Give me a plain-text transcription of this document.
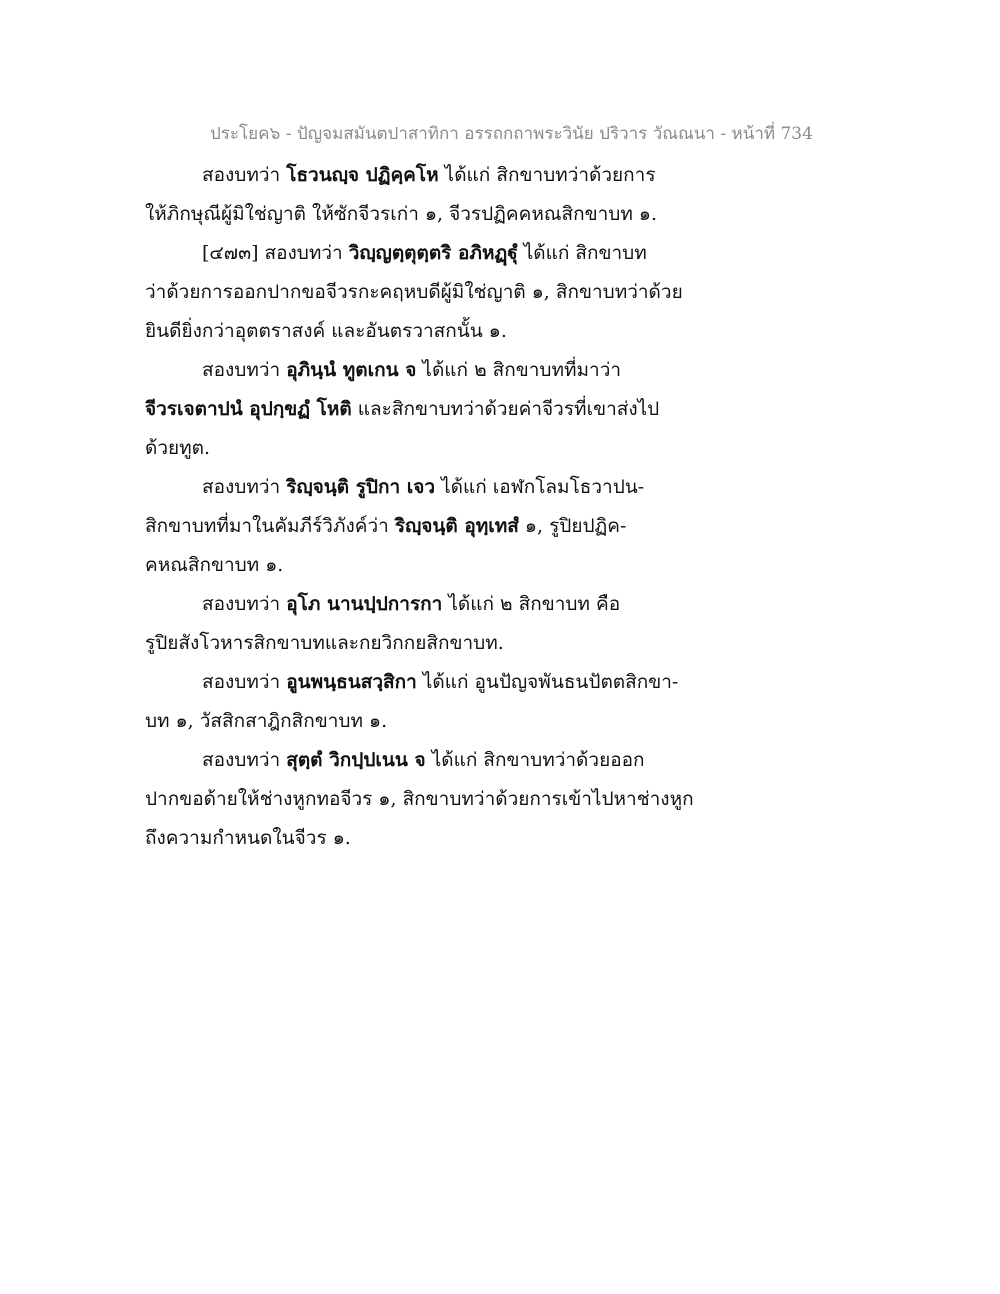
ประโยค๖ - ปัญจมสมันตปาสาทิกา อรรถกถาพระวินัย ปริวาร วัณณนา - หน้าที่ 734
สองบทว่า โธวนญฺจ ปฏิคฺคโห ได้แก่ สิกขาบทว่าด้วยการ
ให้ภิกษุณีผู้มิใช่ญาติ ให้ซักจีวรเก่า ๑, จีวรปฏิคคหณสิกขาบท ๑.
[๔๗๓] สองบทว่า วิญฺญตฺตุตฺตริ อภิหฏฺฐุํ ได้แก่ สิกขาบท
ว่าด้วยการออกปากขอจีวรกะคฤหบดีผู้มิใช่ญาติ ๑, สิกขาบทว่าด้วย
ยินดียิ่งกว่าอุตตราสงค์ และอันตรวาสกนั้น ๑.
สองบทว่า อุภินฺนํ ทูตเกน จ ได้แก่ ๒ สิกขาบทที่มาว่า
จีวรเจตาปนํ อุปกฺขฏํ โหติ และสิกขาบทว่าด้วยค่าจีวรที่เขาส่งไป
ด้วยทูต.
สองบทว่า ริญฺจนฺติ รูปิกา เจว ได้แก่ เอฬกโลมโธวาปน-
สิกขาบทที่มาในคัมภีร์วิภังค์ว่า ริญฺจนฺติ อุทฺเทสํ ๑, รูปิยปฏิค-
คหณสิกขาบท ๑.
สองบทว่า อุโภ นานปฺปการกา ได้แก่ ๒ สิกขาบท คือ
รูปิยสังโวหารสิกขาบทและกยวิกกยสิกขาบท.
สองบทว่า อูนพนฺธนสวฺสิกา ได้แก่ อูนปัญจพันธนปัตตสิกขา-
บท ๑, วัสสิกสาฎิกสิกขาบท ๑.
สองบทว่า สุตฺตํ วิกปฺปเนน จ ได้แก่ สิกขาบทว่าด้วยออก
ปากขอด้ายให้ช่างหูกทอจีวร ๑, สิกขาบทว่าด้วยการเข้าไปหาช่างหูก
ถึงความกำหนดในจีวร ๑.
